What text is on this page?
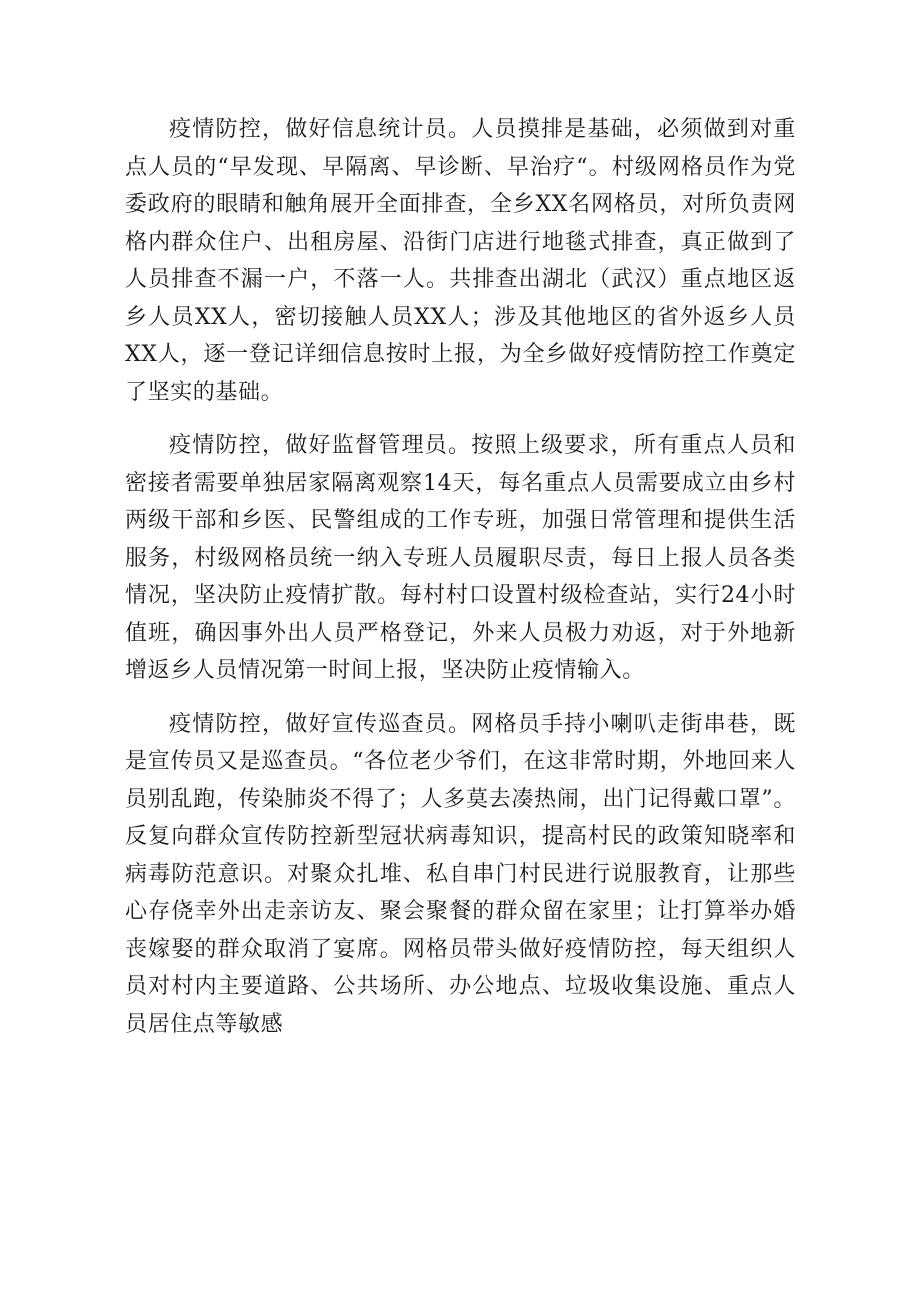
疫情防控，做好信息统计员。人员摸排是基础，必须做到对重点人员的“早发现、早隔离、早诊断、早治疗“。村级网格员作为党委政府的眼睛和触角展开全面排查，全乡XX名网格员，对所负责网格内群众住户、出租房屋、沿街门店进行地毯式排查，真正做到了人员排查不漏一户，不落一人。共排查出湖北（武汉）重点地区返乡人员XX人，密切接触人员XX人；涉及其他地区的省外返乡人员XX人，逐一登记详细信息按时上报，为全乡做好疫情防控工作奠定了坚实的基础。

疫情防控，做好监督管理员。按照上级要求，所有重点人员和密接者需要单独居家隔离观察14天，每名重点人员需要成立由乡村两级干部和乡医、民警组成的工作专班，加强日常管理和提供生活服务，村级网格员统一纳入专班人员履职尽责，每日上报人员各类情况，坚决防止疫情扩散。每村村口设置村级检查站，实行24小时值班，确因事外出人员严格登记，外来人员极力劝返，对于外地新增返乡人员情况第一时间上报，坚决防止疫情输入。

疫情防控，做好宣传巡查员。网格员手持小喇叭走街串巷，既是宣传员又是巡查员。“各位老少爷们，在这非常时期，外地回来人员别乱跑，传染肺炎不得了；人多莫去凑热闹，出门记得戴口罩”。反复向群众宣传防控新型冠状病毒知识，提高村民的政策知晓率和病毒防范意识。对聚众扎堆、私自串门村民进行说服教育，让那些心存侥幸外出走亲访友、聚会聚餐的群众留在家里；让打算举办婚丧嫁娶的群众取消了宴席。网格员带头做好疫情防控，每天组织人员对村内主要道路、公共场所、办公地点、垃圾收集设施、重点人员居住点等敏感
